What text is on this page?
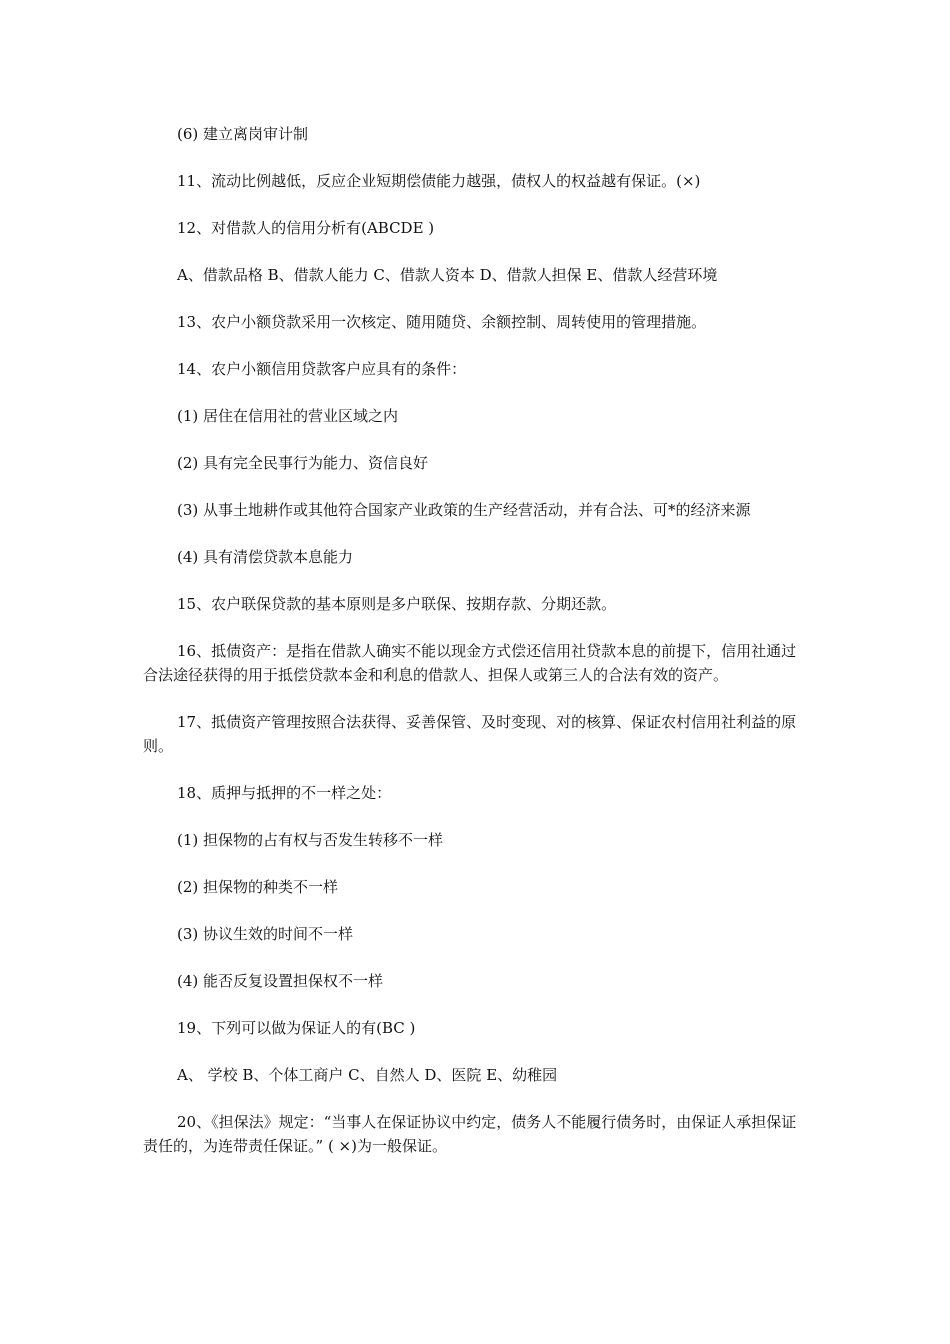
(6) 建立离岗审计制

11、流动比例越低，反应企业短期偿债能力越强，债权人的权益越有保证。(×)

12、对借款人的信用分析有(ABCDE )

A、借款品格 B、借款人能力 C、借款人资本 D、借款人担保 E、借款人经营环境

13、农户小额贷款采用一次核定、随用随贷、余额控制、周转使用的管理措施。

14、农户小额信用贷款客户应具有的条件：

(1) 居住在信用社的营业区域之内

(2) 具有完全民事行为能力、资信良好

(3) 从事土地耕作或其他符合国家产业政策的生产经营活动，并有合法、可*的经济来源

(4) 具有清偿贷款本息能力

15、农户联保贷款的基本原则是多户联保、按期存款、分期还款。

16、抵债资产：是指在借款人确实不能以现金方式偿还信用社贷款本息的前提下，信用社通过合法途径获得的用于抵偿贷款本金和利息的借款人、担保人或第三人的合法有效的资产。

17、抵债资产管理按照合法获得、妥善保管、及时变现、对的核算、保证农村信用社利益的原则。

18、质押与抵押的不一样之处：

(1) 担保物的占有权与否发生转移不一样

(2) 担保物的种类不一样

(3) 协议生效的时间不一样

(4) 能否反复设置担保权不一样

19、下列可以做为保证人的有(BC )

A、 学校 B、个体工商户 C、自然人 D、医院 E、幼稚园

20、《担保法》规定：“当事人在保证协议中约定，债务人不能履行债务时，由保证人承担保证责任的，为连带责任保证。” ( ×)为一般保证。
